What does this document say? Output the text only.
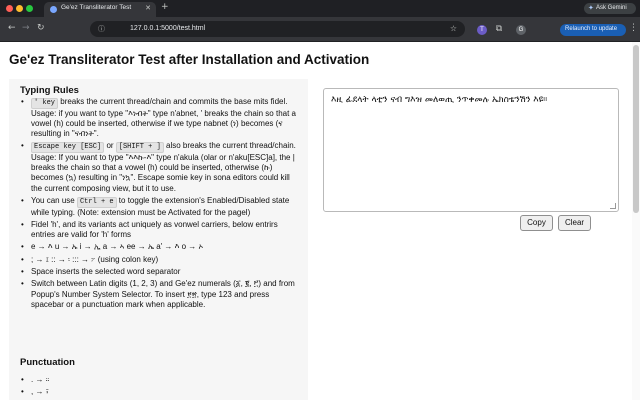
Ge'ez Transliterator Test ✕ +	✦ Ask Gemini
← → ↻	ⓘ	127.0.0.1:5000/test.html	☆	T	⧉	G	Relaunch to update ⋮
Ge'ez Transliterator Test after Installation and Activation
Typing Rules
• ' key breaks the current thread/chain and commits the base mits fidel. Usage: if you want to type "እነብት" type n'abnet, ' breaks the chain so that a vowel (h) could be inserted, otherwise if we type nabnet (ነ) becomes (ና resulting in "ናብነት".
• Escape key [ESC] or [SHIFT + ] also breaks the current thread/chain. Usage: If you want to type "እእኩ-እ" type n'akula (olar or n'aku[ESC]a], the | breaks the chain so that a vowel (h) could be inserted, otherwise (ኩ) becomes (ኳ) resulting in "ነኳ". Escape somie key in sona editors could kill the current composing view, but it to use.
• You can use Ctrl + e to toggle the extension's Enabled/Disabled state while typing. (Note: extension must be Activated for the pagel)
• Fidel 'h', and its variants act uniquely as vonwel carriers, below entrirs entries are valid for 'h' forms
• e → እ u → ኡ i → ኢ a → ኣ ee → ኤ a' → እ o → ኦ
• ; → ፤ :: → ፡ ::: → ፦ (using colon key)
• Space inserts the selected word separator
• Switch between Latin digits (1, 2, 3) and Ge'ez numerals (፩, ፪, ፫) and from Popup's Number System Selector. To insert ፻፳, type 123 and press spacebar or a punctuation mark when applicable.
Punctuation
• . → ።
• , → ፣
እዚ ፊደላት ላቲን ናብ ግእዝ መለወጢ ንጥቀመሉ ኤክስቴንሽን እዩ።
Copy	Clear
